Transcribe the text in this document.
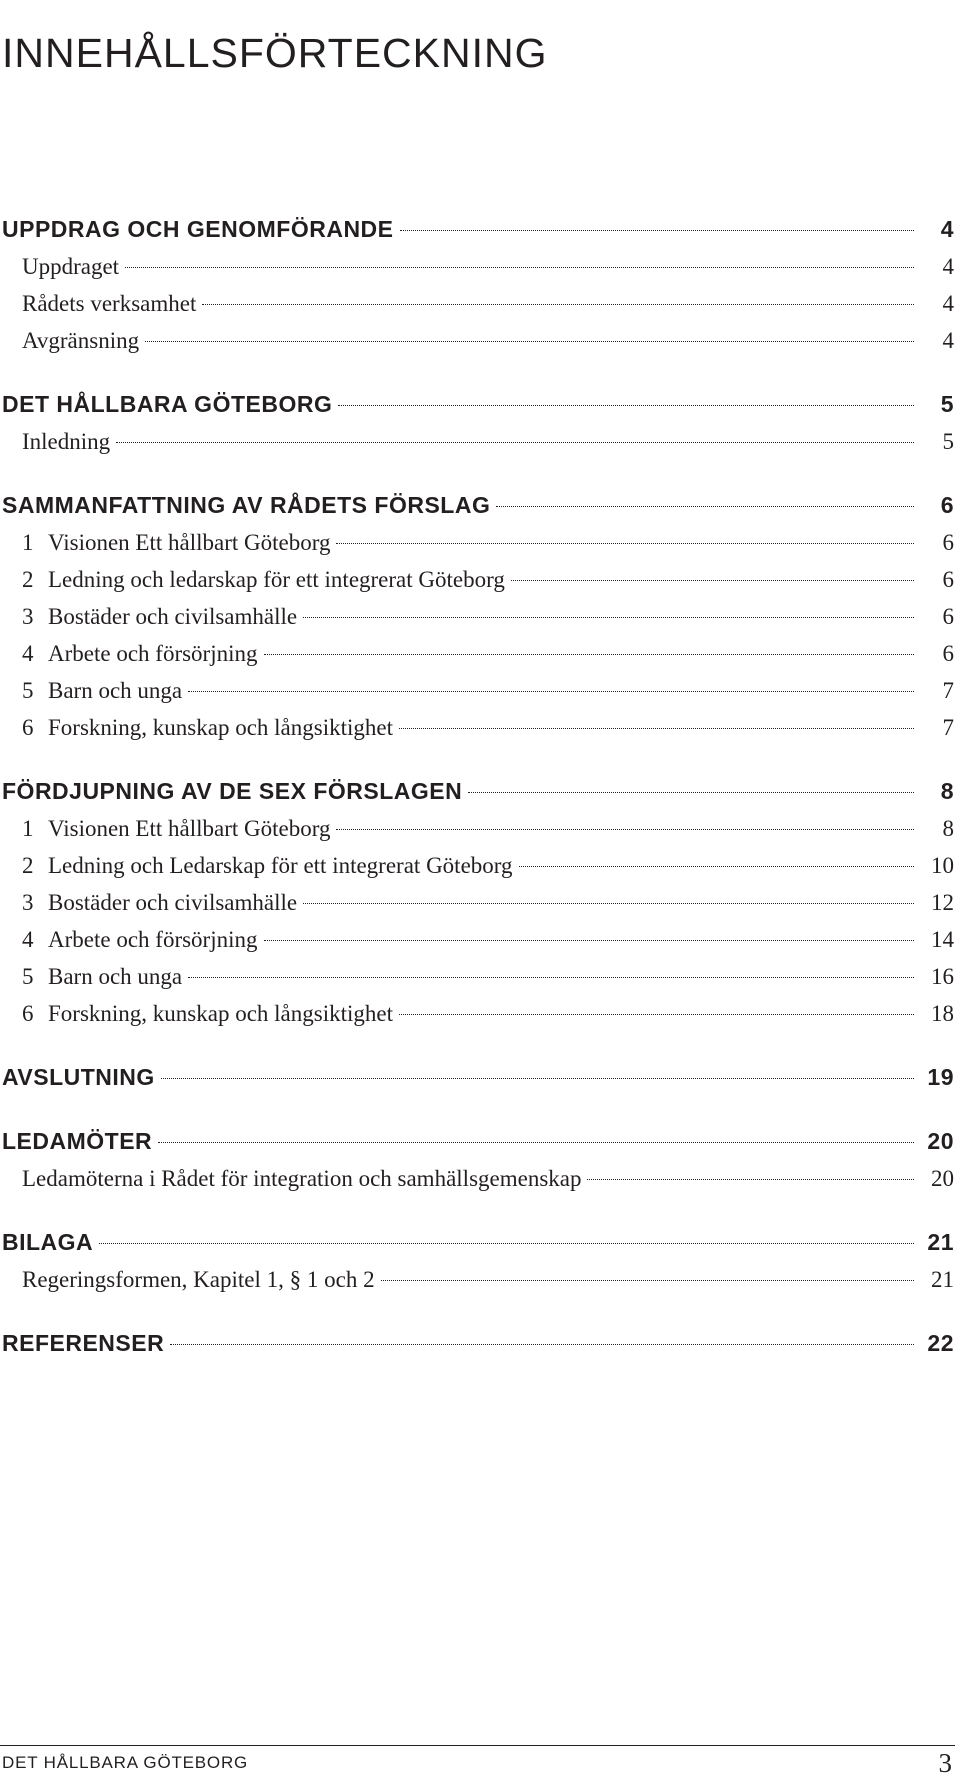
INNEHÅLLSFÖRTECKNING
UPPDRAG OCH GENOMFÖRANDE	4
Uppdraget	4
Rådets verksamhet	4
Avgränsning	4
DET HÅLLBARA GÖTEBORG	5
Inledning	5
SAMMANFATTNING AV RÅDETS FÖRSLAG	6
1 Visionen Ett hållbart Göteborg	6
2 Ledning och ledarskap för ett integrerat Göteborg	6
3 Bostäder och civilsamhälle	6
4 Arbete och försörjning	6
5 Barn och unga	7
6 Forskning, kunskap och långsiktighet	7
FÖRDJUPNING AV DE SEX FÖRSLAGEN	8
1 Visionen Ett hållbart Göteborg	8
2 Ledning och Ledarskap för ett integrerat Göteborg	10
3 Bostäder och civilsamhälle	12
4 Arbete och försörjning	14
5 Barn och unga	16
6 Forskning, kunskap och långsiktighet	18
AVSLUTNING	19
LEDAMÖTER	20
Ledamöterna i Rådet för integration och samhällsgemenskap	20
BILAGA	21
Regeringsformen, Kapitel 1, § 1 och 2	21
REFERENSER	22
DET HÅLLBARA GÖTEBORG	3
